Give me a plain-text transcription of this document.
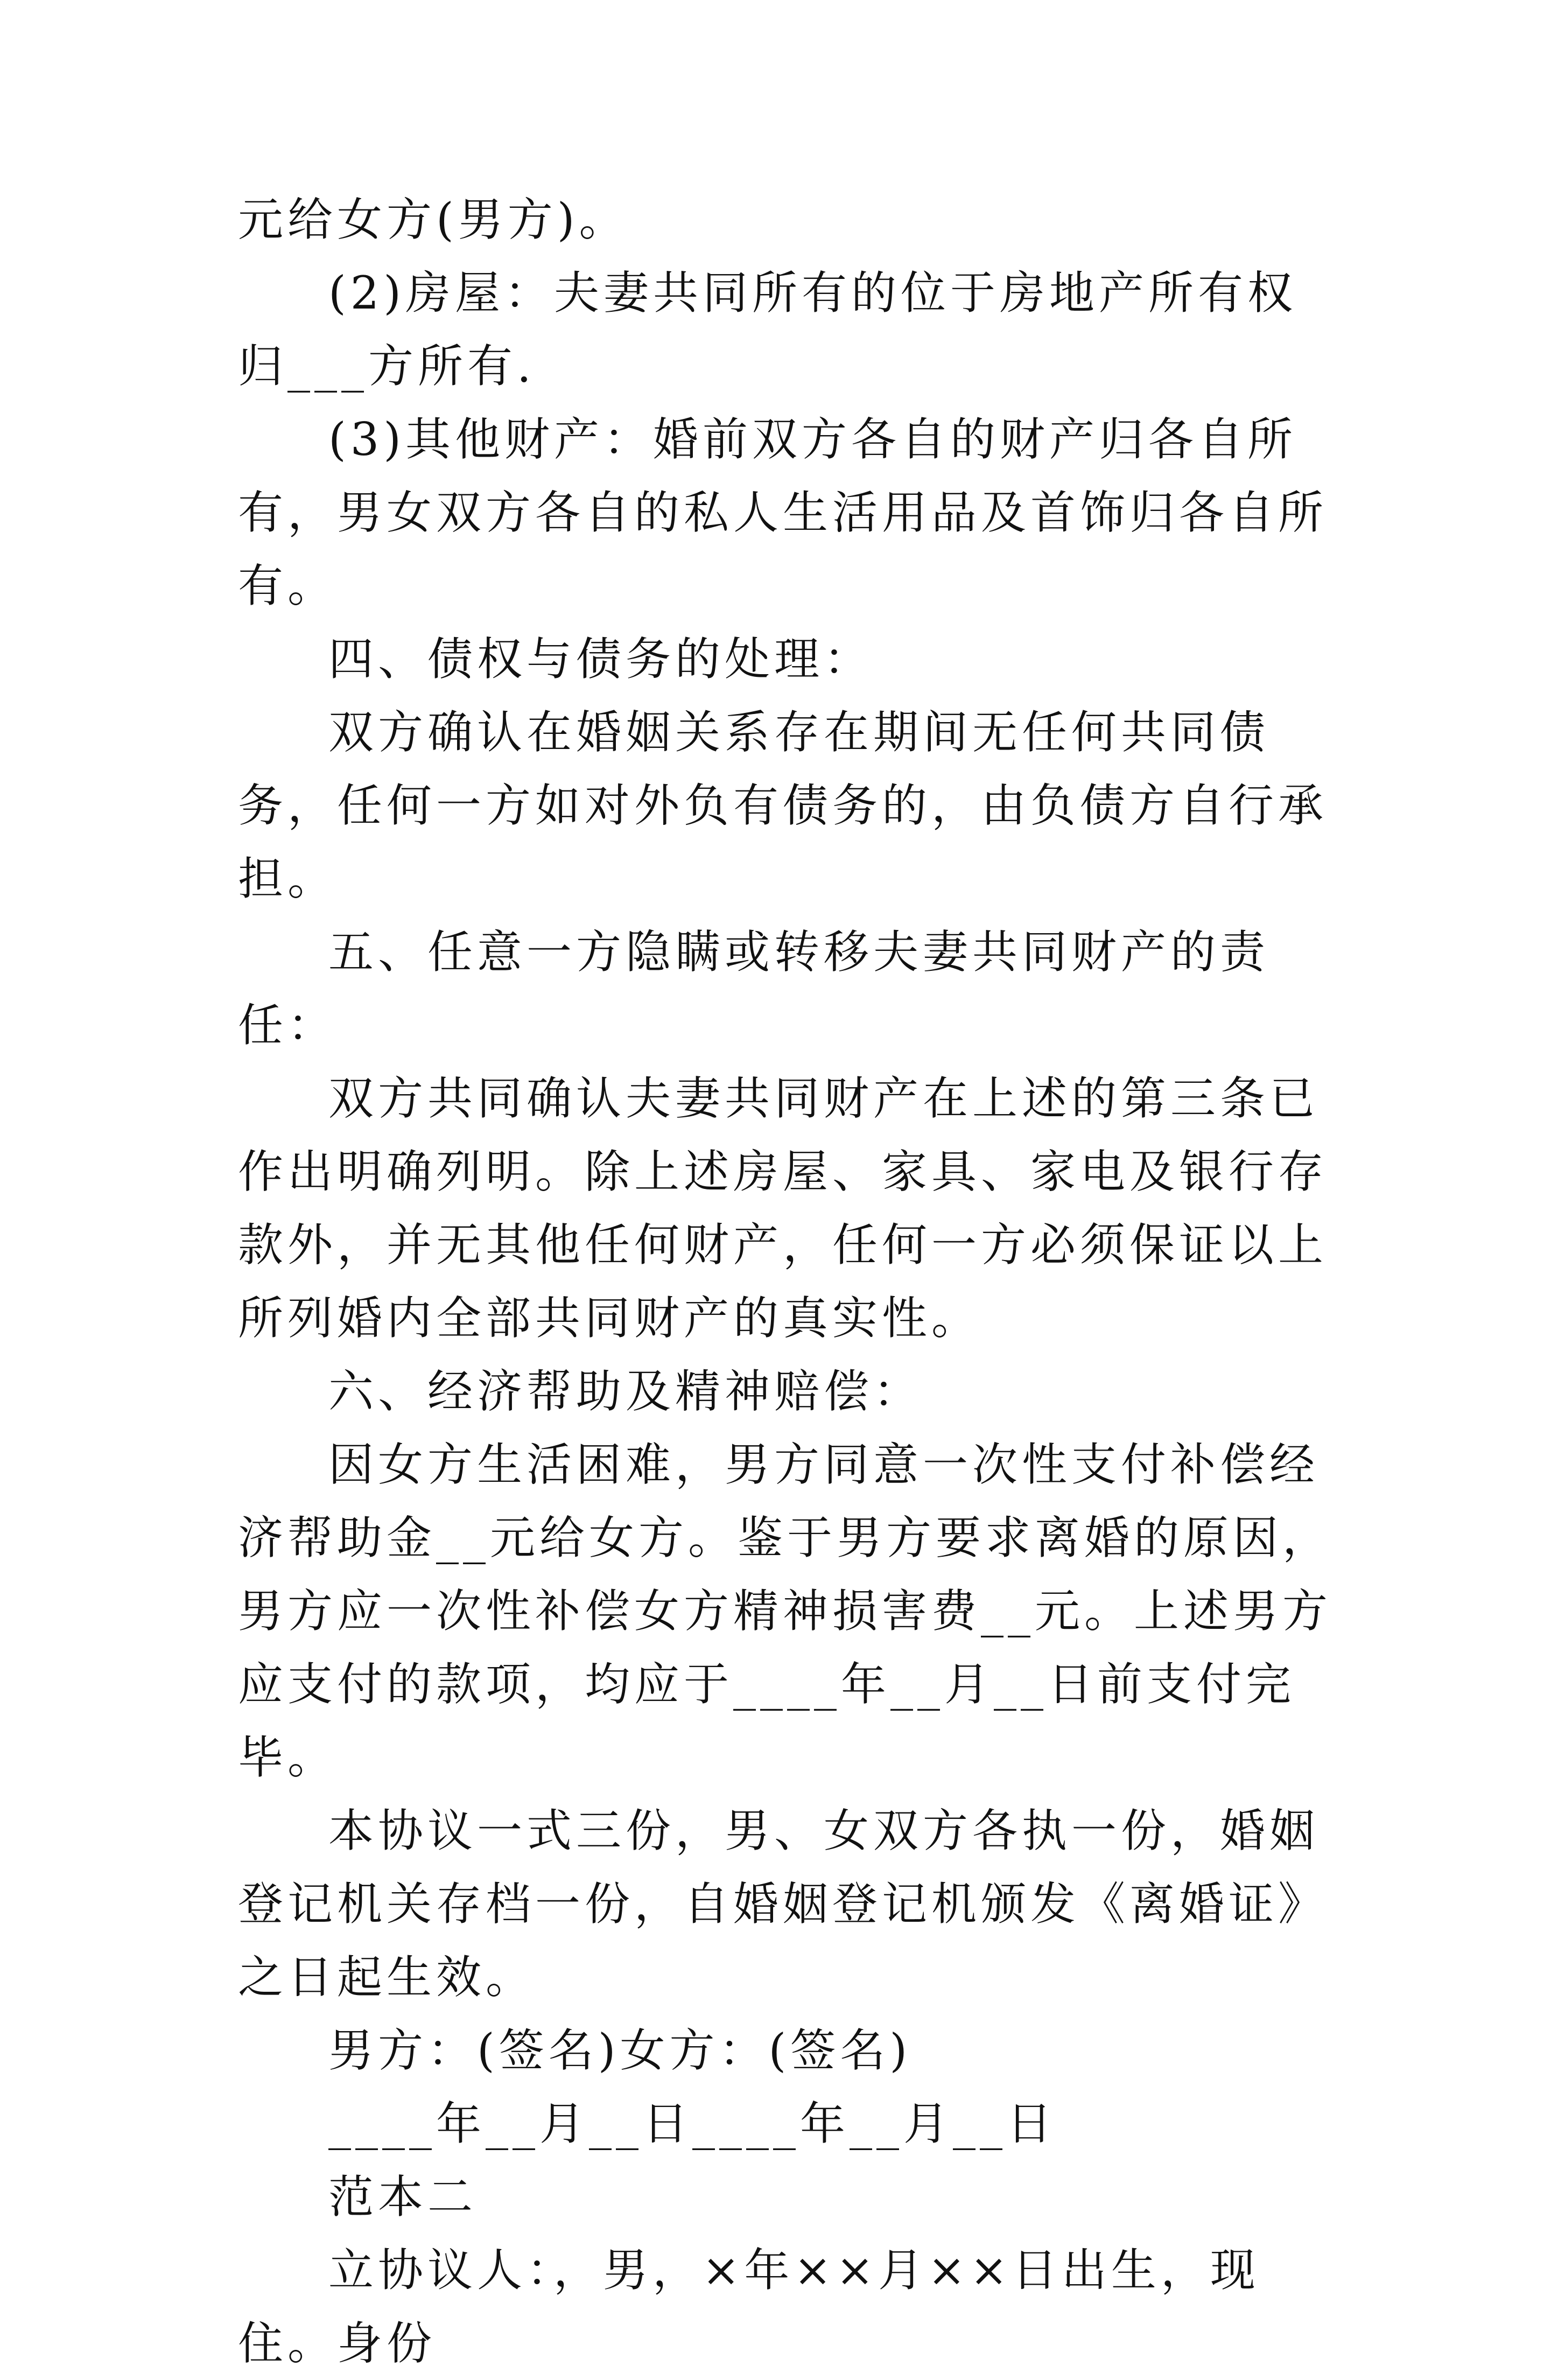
元给女方(男方)。

(2)房屋：夫妻共同所有的位于房地产所有权归___方所有.

(3)其他财产：婚前双方各自的财产归各自所有，男女双方各自的私人生活用品及首饰归各自所有。

四、债权与债务的处理：

双方确认在婚姻关系存在期间无任何共同债务，任何一方如对外负有债务的，由负债方自行承担。

五、任意一方隐瞒或转移夫妻共同财产的责任：

双方共同确认夫妻共同财产在上述的第三条已作出明确列明。除上述房屋、家具、家电及银行存款外，并无其他任何财产，任何一方必须保证以上所列婚内全部共同财产的真实性。

六、经济帮助及精神赔偿：

因女方生活困难，男方同意一次性支付补偿经济帮助金__元给女方。鉴于男方要求离婚的原因，男方应一次性补偿女方精神损害费__元。上述男方应支付的款项，均应于____年__月__日前支付完毕。

本协议一式三份，男、女双方各执一份，婚姻登记机关存档一份，自婚姻登记机颁发《离婚证》之日起生效。

男方：(签名)女方：(签名)

____年__月__日____年__月__日

范本二

立协议人：，男，×年××月××日出生，现住。身份
